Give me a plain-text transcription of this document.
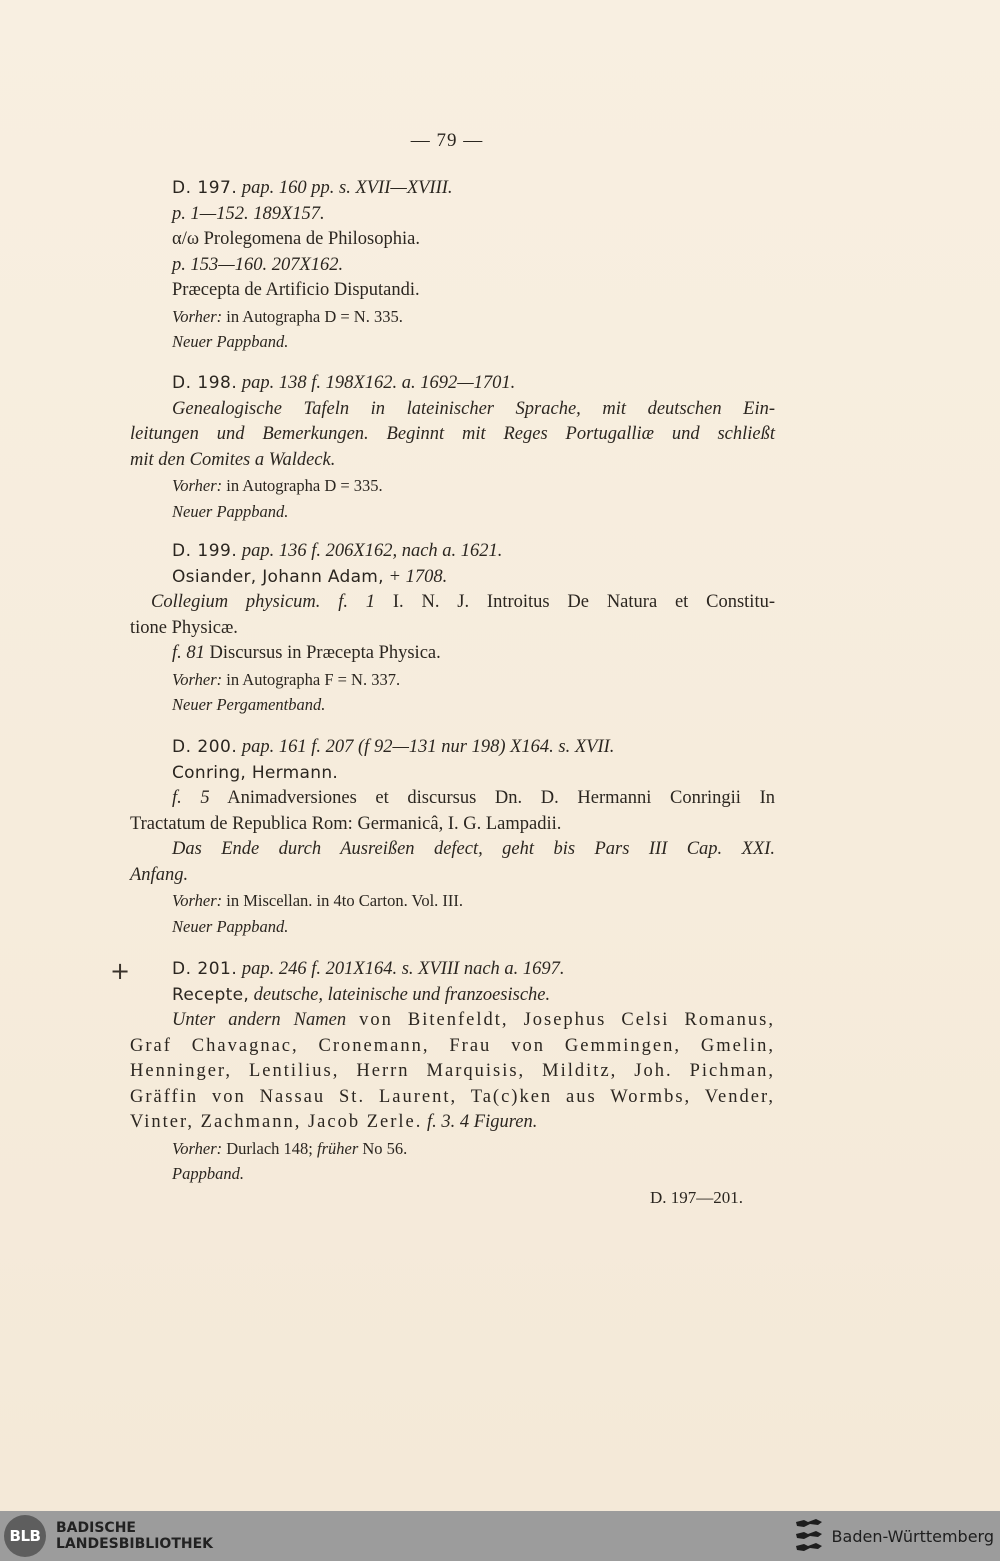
— 79 —
D. 197. pap. 160 pp. s. XVII—XVIII.
p. 1—152. 189X157.
α/ω Prolegomena de Philosophia.
p. 153—160. 207X162.
Præcepta de Artificio Disputandi.
Vorher: in Autographa D = N. 335.
Neuer Pappband.
D. 198. pap. 138 f. 198X162. a. 1692—1701.
Genealogische Tafeln in lateinischer Sprache, mit deutschen Ein-
leitungen und Bemerkungen. Beginnt mit Reges Portugalliæ und schließt
mit den Comites a Waldeck.
Vorher: in Autographa D = 335.
Neuer Pappband.
D. 199. pap. 136 f. 206X162, nach a. 1621.
Osiander, Johann Adam, + 1708.
Collegium physicum. f. 1 I. N. J. Introitus De Natura et Constitu-
tione Physicæ.
f. 81 Discursus in Præcepta Physica.
Vorher: in Autographa F = N. 337.
Neuer Pergamentband.
D. 200. pap. 161 f. 207 (f 92—131 nur 198) X164. s. XVII.
Conring, Hermann.
f. 5 Animadversiones et discursus Dn. D. Hermanni Conringii In
Tractatum de Republica Rom: Germanicâ, I. G. Lampadii.
Das Ende durch Ausreißen defect, geht bis Pars III Cap. XXI.
Anfang.
Vorher: in Miscellan. in 4to Carton. Vol. III.
Neuer Pappband.
+	D. 201. pap. 246 f. 201X164. s. XVIII nach a. 1697.
Recepte, deutsche, lateinische und franzoesische.
Unter andern Namen von Bitenfeldt, Josephus Celsi Romanus,
Graf Chavagnac, Cronemann, Frau von Gemmingen, Gmelin,
Henninger, Lentilius, Herrn Marquisis, Milditz, Joh. Pichman,
Gräffin von Nassau St. Laurent, Ta(c)ken aus Wormbs, Vender,
Vinter, Zachmann, Jacob Zerle. f. 3. 4 Figuren.
Vorher: Durlach 148; früher No 56.
Pappband.
D. 197—201.
BLB	BADISCHE
LANDESBIBLIOTHEK	Baden-Württemberg
